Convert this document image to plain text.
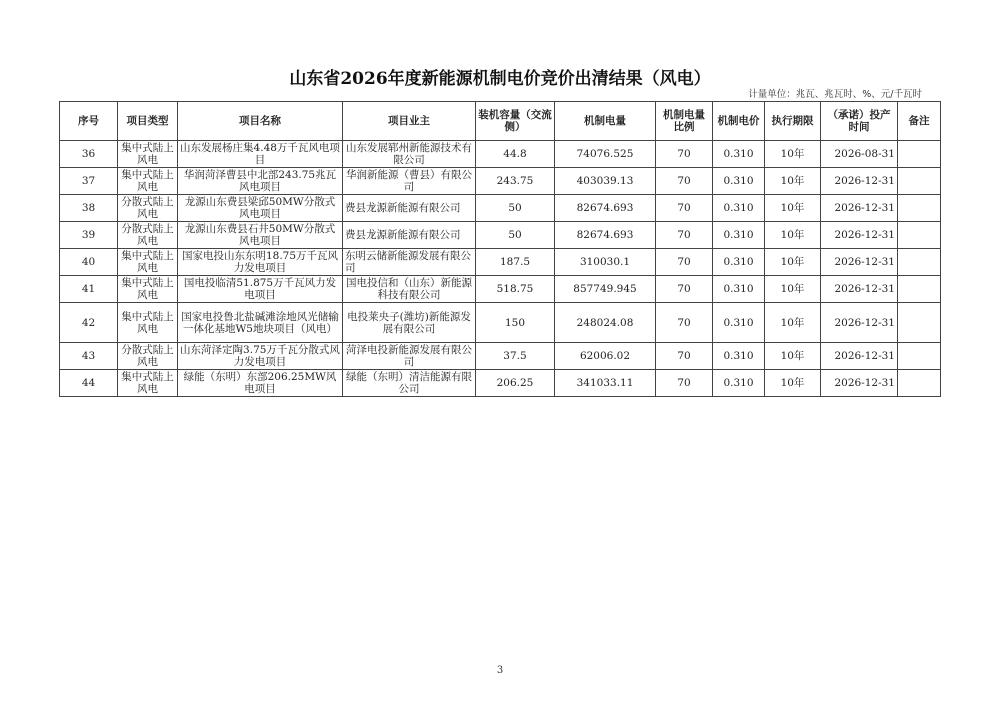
山东省2026年度新能源机制电价竞价出清结果（风电）
计量单位：兆瓦、兆瓦时、%、元/千瓦时
序号	项目类型	项目名称	项目业主	装机容量（交流侧）	机制电量	机制电量比例	机制电价	执行期限	（承诺）投产时间	备注
36	集中式陆上风电	山东发展杨庄集4.48万千瓦风电项目	山东发展郓州新能源技术有限公司	44.8	74076.525	70	0.310	10年	2026-08-31	
37	集中式陆上风电	华润菏泽曹县中北部243.75兆瓦风电项目	华润新能源（曹县）有限公司	243.75	403039.13	70	0.310	10年	2026-12-31	
38	分散式陆上风电	龙源山东费县梁邱50MW分散式风电项目	费县龙源新能源有限公司	50	82674.693	70	0.310	10年	2026-12-31	
39	分散式陆上风电	龙源山东费县石井50MW分散式风电项目	费县龙源新能源有限公司	50	82674.693	70	0.310	10年	2026-12-31	
40	集中式陆上风电	国家电投山东东明18.75万千瓦风力发电项目	东明云储新能源发展有限公司	187.5	310030.1	70	0.310	10年	2026-12-31	
41	集中式陆上风电	国电投临清51.875万千瓦风力发电项目	国电投信和（山东）新能源科技有限公司	518.75	857749.945	70	0.310	10年	2026-12-31	
42	集中式陆上风电	国家电投鲁北盐碱滩涂地风光储输一体化基地W5地块项目（风电）	电投莱央子(潍坊)新能源发展有限公司	150	248024.08	70	0.310	10年	2026-12-31	
43	分散式陆上风电	山东菏泽定陶3.75万千瓦分散式风力发电项目	菏泽电投新能源发展有限公司	37.5	62006.02	70	0.310	10年	2026-12-31	
44	集中式陆上风电	绿能（东明）东部206.25MW风电项目	绿能（东明）清洁能源有限公司	206.25	341033.11	70	0.310	10年	2026-12-31	
3
